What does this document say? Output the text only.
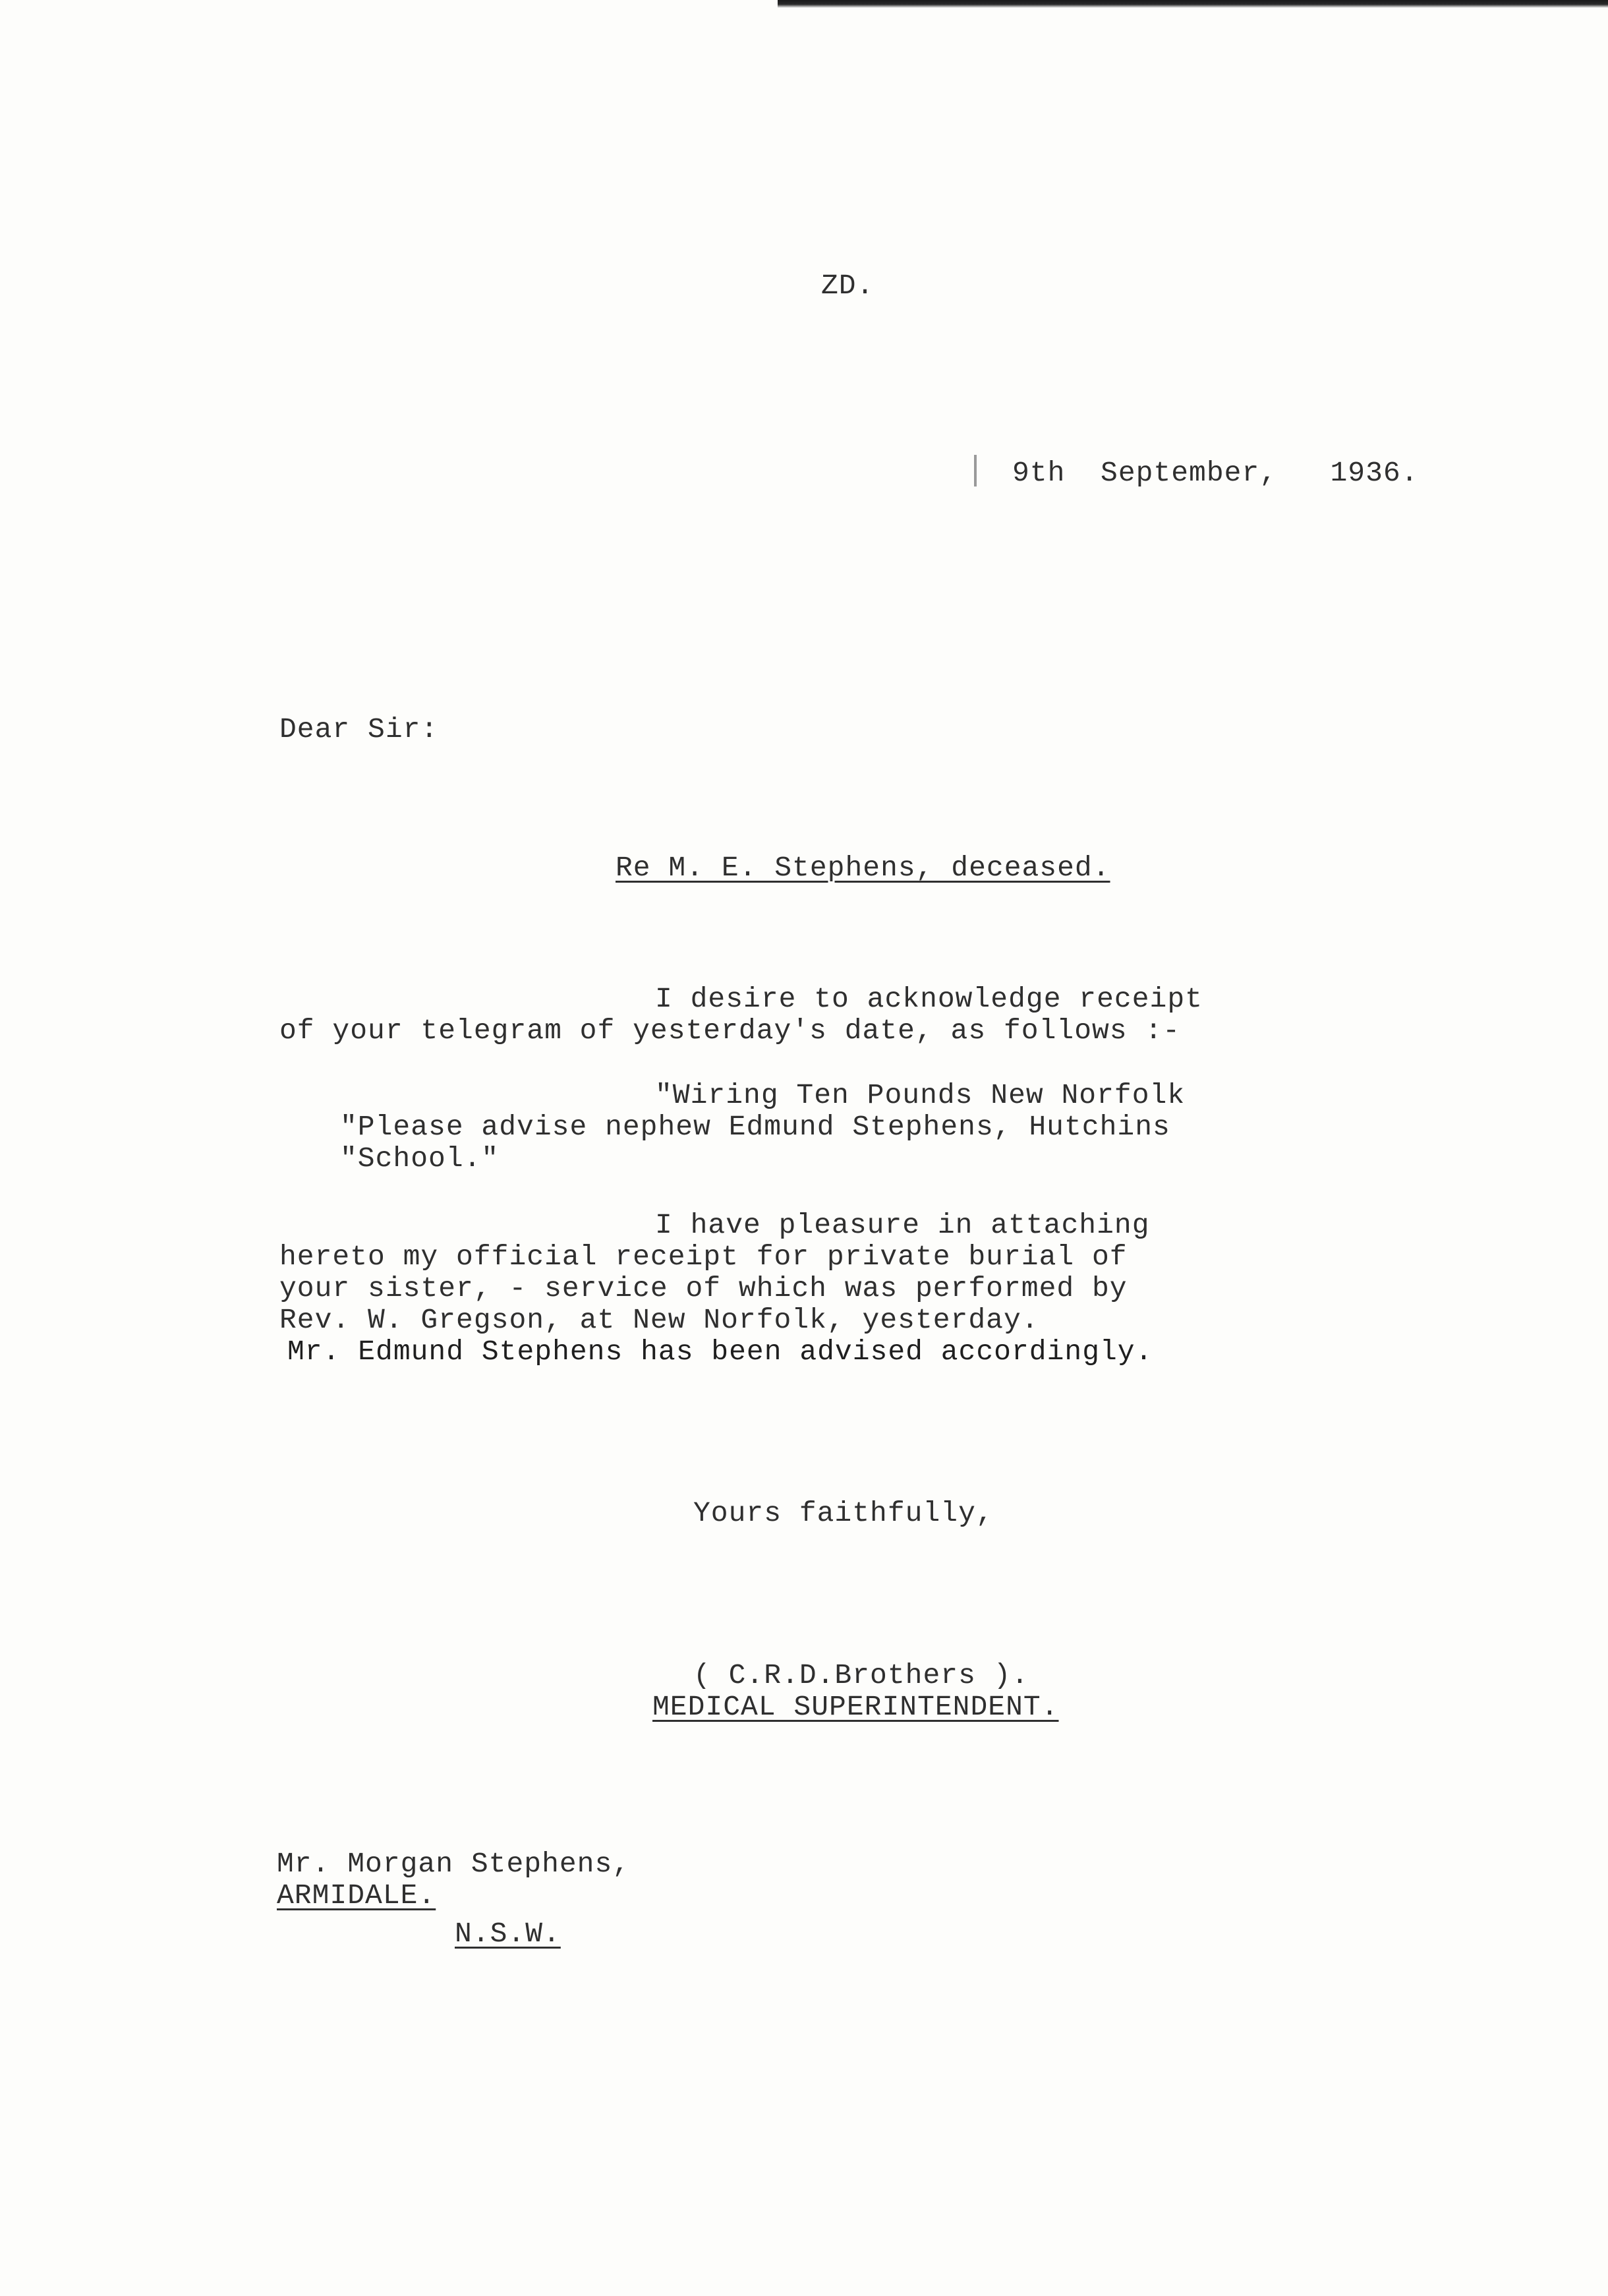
ZD.
9th  September,   1936.
Dear Sir:
Re M. E. Stephens, deceased.
I desire to acknowledge receipt
of your telegram of yesterday's date, as follows :-
"Wiring Ten Pounds New Norfolk
"Please advise nephew Edmund Stephens, Hutchins
"School."
I have pleasure in attaching
hereto my official receipt for private burial of
your sister, - service of which was performed by
Rev. W. Gregson, at New Norfolk, yesterday.
Mr. Edmund Stephens has been advised accordingly.
Yours faithfully,
( C.R.D.Brothers ).
MEDICAL SUPERINTENDENT.
Mr. Morgan Stephens,
ARMIDALE.
N.S.W.
